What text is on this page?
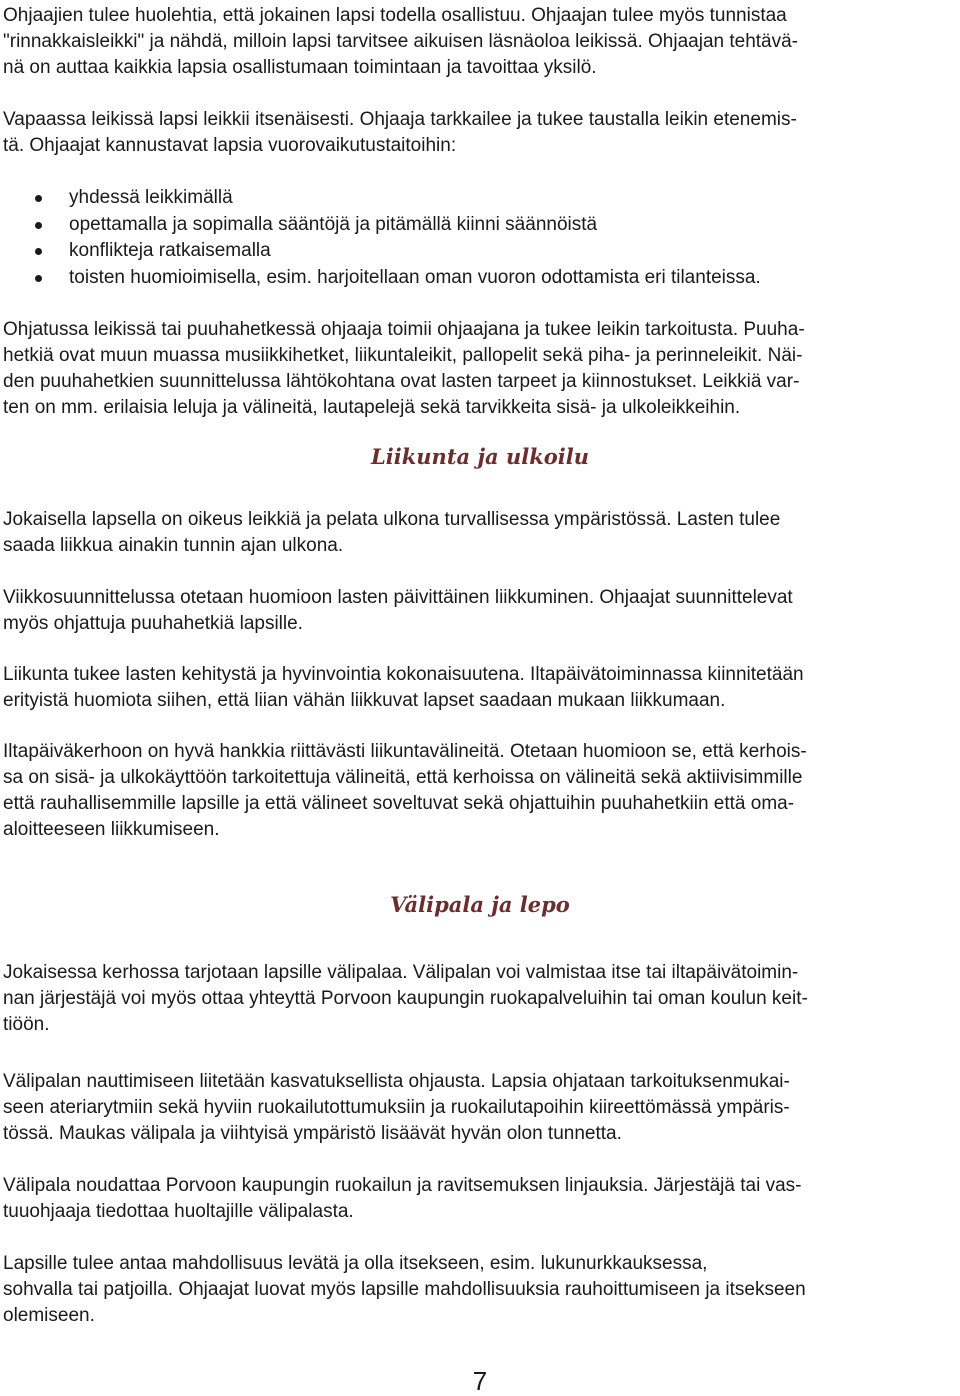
Ohjaajien tulee huolehtia, että jokainen lapsi todella osallistuu. Ohjaajan tulee myös tunnistaa
"rinnakkaisleikki" ja nähdä, milloin lapsi tarvitsee aikuisen läsnäoloa leikissä. Ohjaajan tehtävä-
nä on auttaa kaikkia lapsia osallistumaan toimintaan ja tavoittaa yksilö.

Vapaassa leikissä lapsi leikkii itsenäisesti. Ohjaaja tarkkailee ja tukee taustalla leikin etenemis-
tä. Ohjaajat kannustavat lapsia vuorovaikutustaitoihin:

yhdessä leikkimällä
opettamalla ja sopimalla sääntöjä ja pitämällä kiinni säännöistä
konflikteja ratkaisemalla
toisten huomioimisella, esim. harjoitellaan oman vuoron odottamista eri tilanteissa.

Ohjatussa leikissä tai puuhahetkessä ohjaaja toimii ohjaajana ja tukee leikin tarkoitusta. Puuha-
hetkiä ovat muun muassa musiikkihetket, liikuntaleikit, pallopelit sekä piha- ja perinneleikit. Näi-
den puuhahetkien suunnittelussa lähtökohtana ovat lasten tarpeet ja kiinnostukset. Leikkiä var-
ten on mm. erilaisia leluja ja välineitä, lautapelejä sekä tarvikkeita sisä- ja ulkoleikkeihin.

Liikunta ja ulkoilu

Jokaisella lapsella on oikeus leikkiä ja pelata ulkona turvallisessa ympäristössä. Lasten tulee
saada liikkua ainakin tunnin ajan ulkona.

Viikkosuunnittelussa otetaan huomioon lasten päivittäinen liikkuminen. Ohjaajat suunnittelevat
myös ohjattuja puuhahetkiä lapsille.

Liikunta tukee lasten kehitystä ja hyvinvointia kokonaisuutena. Iltapäivätoiminnassa kiinnitetään
erityistä huomiota siihen, että liian vähän liikkuvat lapset saadaan mukaan liikkumaan.

Iltapäiväkerhoon on hyvä hankkia riittävästi liikuntavälineitä. Otetaan huomioon se, että kerhois-
sa on sisä- ja ulkokäyttöön tarkoitettuja välineitä, että kerhoissa on välineitä sekä aktiivisimmille
että rauhallisemmille lapsille ja että välineet soveltuvat sekä ohjattuihin puuhahetkiin että oma-
aloitteeseen liikkumiseen.

Välipala ja lepo

Jokaisessa kerhossa tarjotaan lapsille välipalaa. Välipalan voi valmistaa itse tai iltapäivätoimin-
nan järjestäjä voi myös ottaa yhteyttä Porvoon kaupungin ruokapalveluihin tai oman koulun keit-
tiöön.

Välipalan nauttimiseen liitetään kasvatuksellista ohjausta. Lapsia ohjataan tarkoituksenmukai-
seen ateriarytmiin sekä hyviin ruokailutottumuksiin ja ruokailutapoihin kiireettömässä ympäris-
tössä. Maukas välipala ja viihtyisä ympäristö lisäävät hyvän olon tunnetta.

Välipala noudattaa Porvoon kaupungin ruokailun ja ravitsemuksen linjauksia. Järjestäjä tai vas-
tuuohjaaja tiedottaa huoltajille välipalasta.

Lapsille tulee antaa mahdollisuus levätä ja olla itsekseen, esim. lukunurkkauksessa,
sohvalla tai patjoilla. Ohjaajat luovat myös lapsille mahdollisuuksia rauhoittumiseen ja itsekseen
olemiseen.

7
